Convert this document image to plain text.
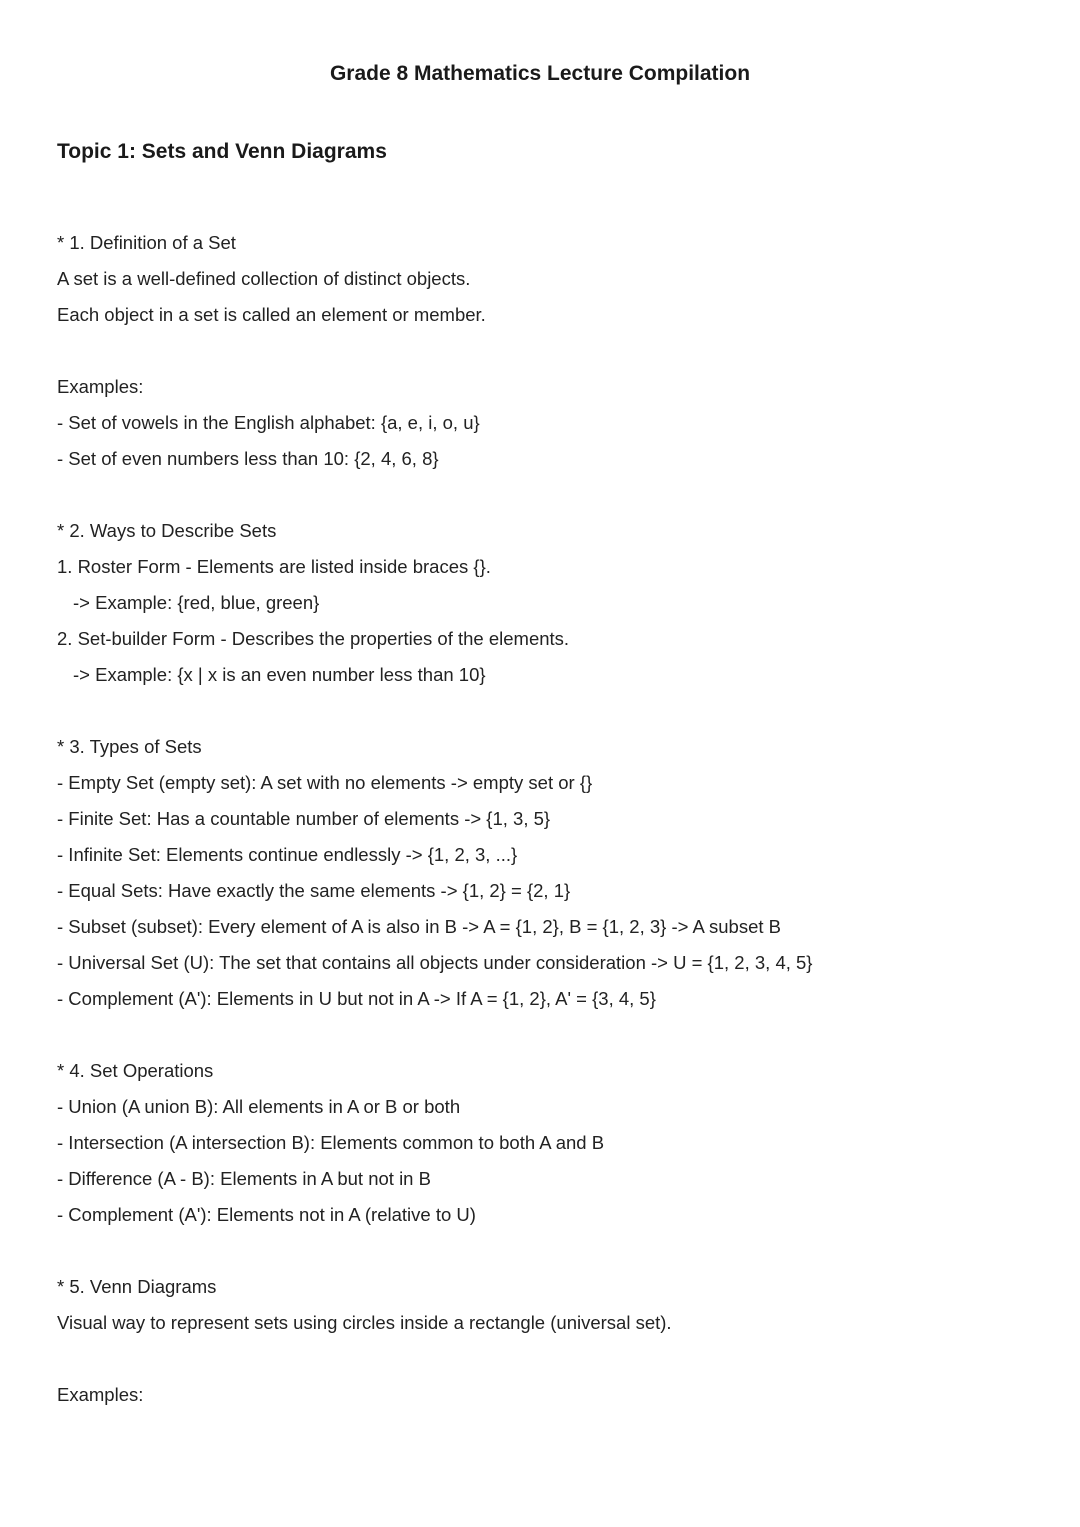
Grade 8 Mathematics Lecture Compilation
Topic 1: Sets and Venn Diagrams
* 1. Definition of a Set
A set is a well-defined collection of distinct objects.
Each object in a set is called an element or member.
Examples:
- Set of vowels in the English alphabet: {a, e, i, o, u}
- Set of even numbers less than 10: {2, 4, 6, 8}
* 2. Ways to Describe Sets
1. Roster Form - Elements are listed inside braces {}.
-> Example: {red, blue, green}
2. Set-builder Form - Describes the properties of the elements.
-> Example: {x | x is an even number less than 10}
* 3. Types of Sets
- Empty Set (empty set): A set with no elements -> empty set or {}
- Finite Set: Has a countable number of elements -> {1, 3, 5}
- Infinite Set: Elements continue endlessly -> {1, 2, 3, ...}
- Equal Sets: Have exactly the same elements -> {1, 2} = {2, 1}
- Subset (subset): Every element of A is also in B -> A = {1, 2}, B = {1, 2, 3} -> A subset B
- Universal Set (U): The set that contains all objects under consideration -> U = {1, 2, 3, 4, 5}
- Complement (A'): Elements in U but not in A -> If A = {1, 2}, A' = {3, 4, 5}
* 4. Set Operations
- Union (A union B): All elements in A or B or both
- Intersection (A intersection B): Elements common to both A and B
- Difference (A - B): Elements in A but not in B
- Complement (A'): Elements not in A (relative to U)
* 5. Venn Diagrams
Visual way to represent sets using circles inside a rectangle (universal set).
Examples:
